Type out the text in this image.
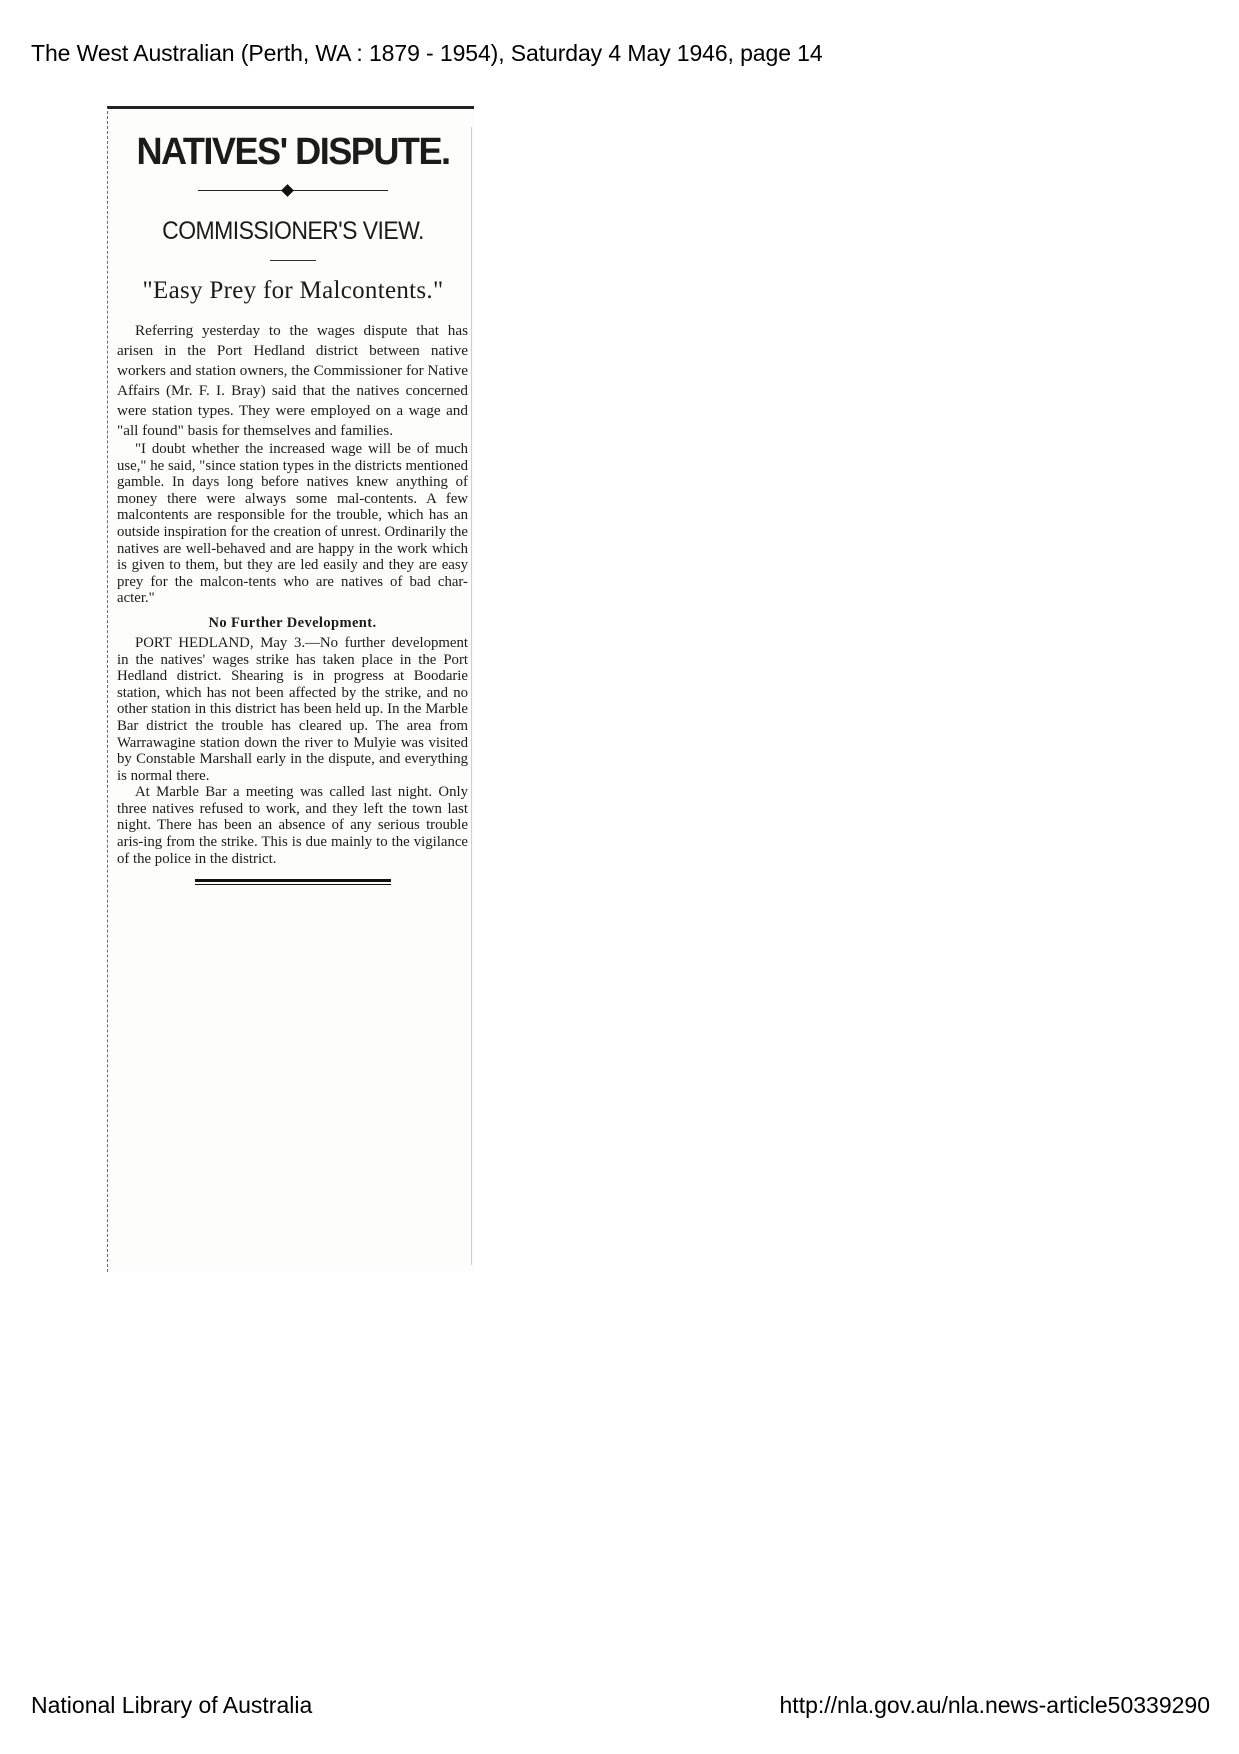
The West Australian (Perth, WA : 1879 - 1954), Saturday 4 May 1946, page 14
NATIVES' DISPUTE.
COMMISSIONER'S VIEW.
"Easy Prey for Malcontents."

Referring yesterday to the wages dispute that has arisen in the Port Hedland district between native workers and station owners, the Commissioner for Native Affairs (Mr. F. I. Bray) said that the natives concerned were station types. They were employed on a wage and "all found" basis for themselves and families.

"I doubt whether the increased wage will be of much use," he said, "since station types in the districts mentioned gamble. In days long before natives knew anything of money there were always some mal-contents. A few malcontents are responsible for the trouble, which has an outside inspiration for the creation of unrest. Ordinarily the natives are well-behaved and are happy in the work which is given to them, but they are led easily and they are easy prey for the malcon-tents who are natives of bad char-acter."

No Further Development.

PORT HEDLAND, May 3.—No further development in the natives' wages strike has taken place in the Port Hedland district. Shearing is in progress at Boodarie station, which has not been affected by the strike, and no other station in this district has been held up. In the Marble Bar district the trouble has cleared up. The area from Warrawagine station down the river to Mulyie was visited by Constable Marshall early in the dispute, and everything is normal there.

At Marble Bar a meeting was called last night. Only three natives refused to work, and they left the town last night. There has been an absence of any serious trouble aris-ing from the strike. This is due mainly to the vigilance of the police in the district.

National Library of Australia	http://nla.gov.au/nla.news-article50339290
